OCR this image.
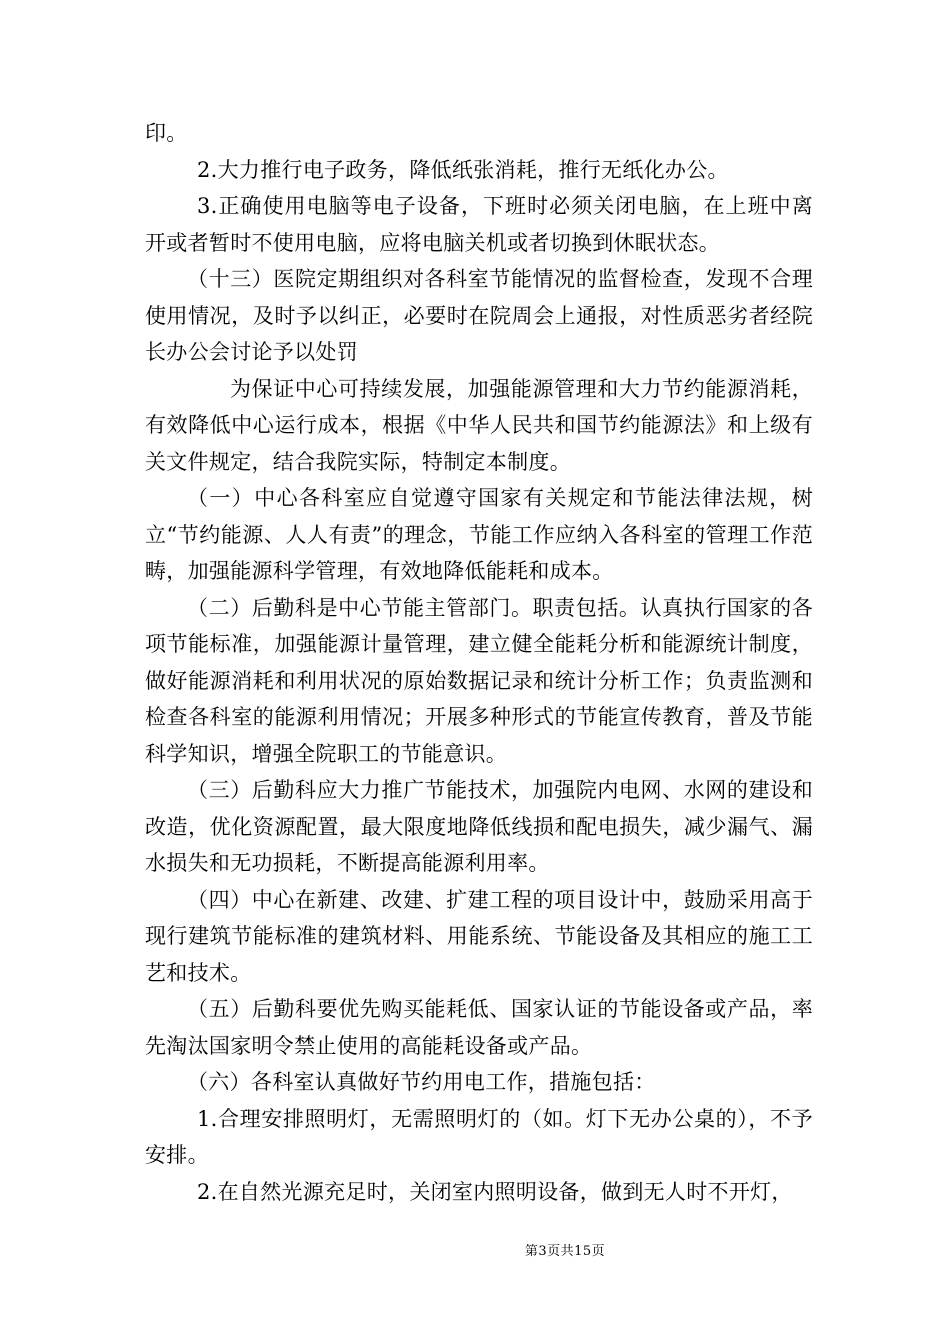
印。

2.大力推行电子政务，降低纸张消耗，推行无纸化办公。

3.正确使用电脑等电子设备，下班时必须关闭电脑，在上班中离开或者暂时不使用电脑，应将电脑关机或者切换到休眠状态。

（十三）医院定期组织对各科室节能情况的监督检查，发现不合理使用情况，及时予以纠正，必要时在院周会上通报，对性质恶劣者经院长办公会讨论予以处罚

为保证中心可持续发展，加强能源管理和大力节约能源消耗，有效降低中心运行成本，根据《中华人民共和国节约能源法》和上级有关文件规定，结合我院实际，特制定本制度。

（一）中心各科室应自觉遵守国家有关规定和节能法律法规，树立“节约能源、人人有责”的理念，节能工作应纳入各科室的管理工作范畴，加强能源科学管理，有效地降低能耗和成本。

（二）后勤科是中心节能主管部门。职责包括。认真执行国家的各项节能标准，加强能源计量管理，建立健全能耗分析和能源统计制度，做好能源消耗和利用状况的原始数据记录和统计分析工作；负责监测和检查各科室的能源利用情况；开展多种形式的节能宣传教育，普及节能科学知识，增强全院职工的节能意识。

（三）后勤科应大力推广节能技术，加强院内电网、水网的建设和改造，优化资源配置，最大限度地降低线损和配电损失，减少漏气、漏水损失和无功损耗，不断提高能源利用率。

（四）中心在新建、改建、扩建工程的项目设计中，鼓励采用高于现行建筑节能标准的建筑材料、用能系统、节能设备及其相应的施工工艺和技术。

（五）后勤科要优先购买能耗低、国家认证的节能设备或产品，率先淘汰国家明令禁止使用的高能耗设备或产品。

（六）各科室认真做好节约用电工作，措施包括：

1.合理安排照明灯，无需照明灯的（如。灯下无办公桌的），不予安排。

2.在自然光源充足时，关闭室内照明设备，做到无人时不开灯，

第3页共15页
